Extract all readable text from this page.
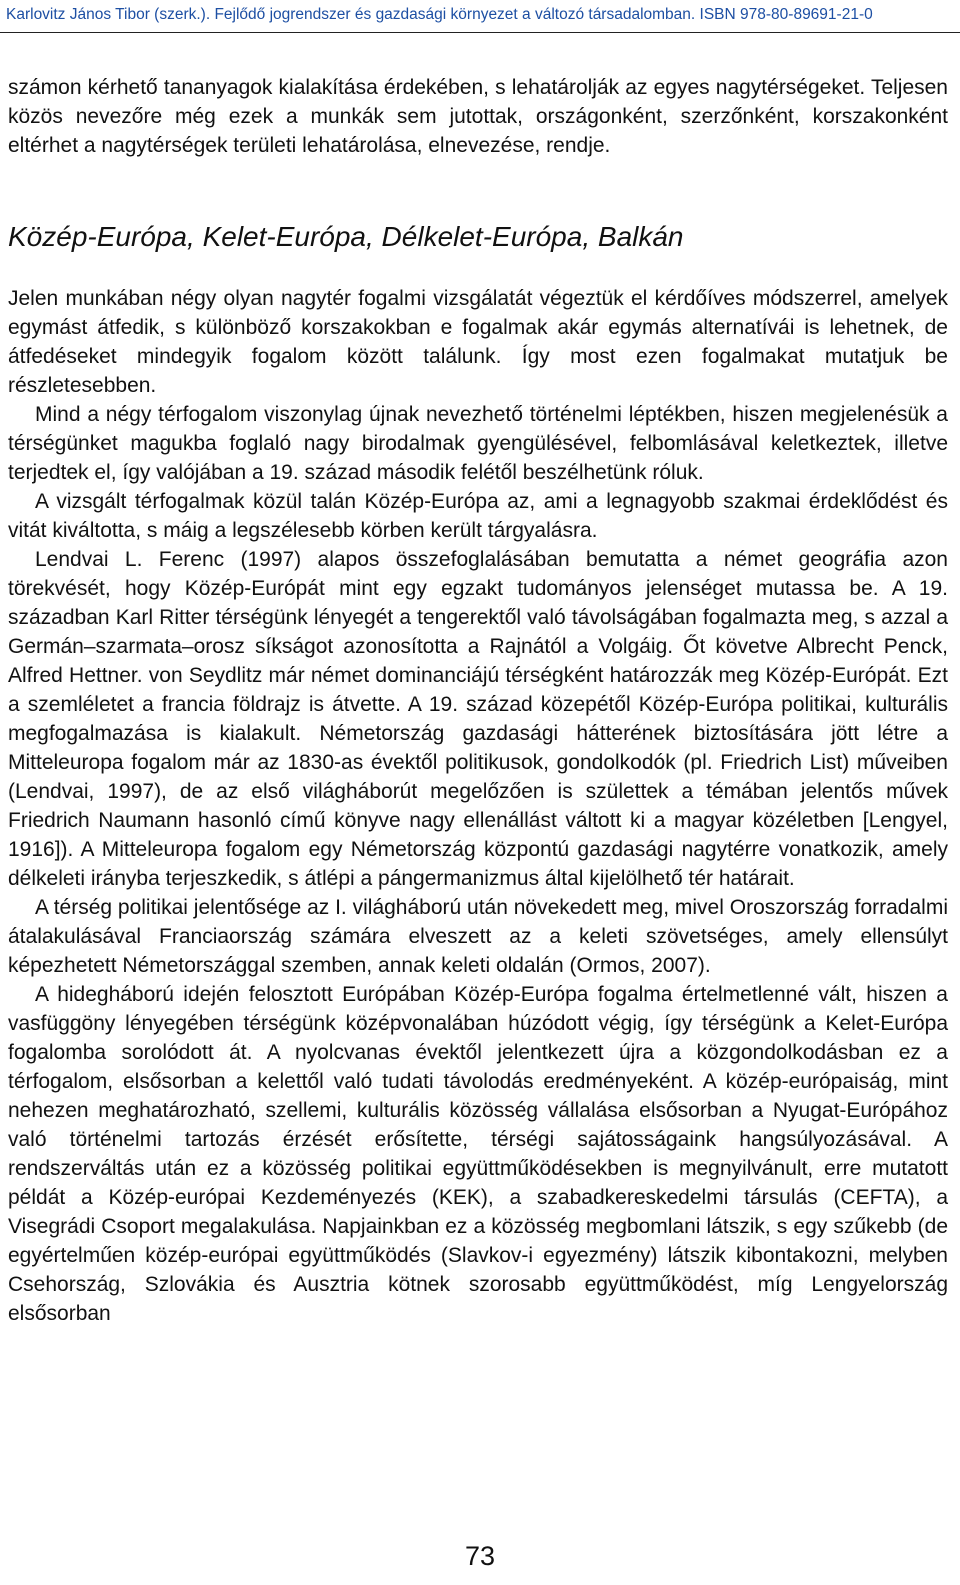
Karlovitz János Tibor (szerk.). Fejlődő jogrendszer és gazdasági környezet a változó társadalomban. ISBN 978-80-89691-21-0

számon kérhető tananyagok kialakítása érdekében, s lehatárolják az egyes nagytérségeket. Teljesen közös nevezőre még ezek a munkák sem jutottak, országonként, szerzőnként, korszakonként eltérhet a nagytérségek területi lehatárolása, elnevezése, rendje.

Közép-Európa, Kelet-Európa, Délkelet-Európa, Balkán

Jelen munkában négy olyan nagytér fogalmi vizsgálatát végeztük el kérdőíves módszerrel, amelyek egymást átfedik, s különböző korszakokban e fogalmak akár egymás alternatívái is lehetnek, de átfedéseket mindegyik fogalom között találunk. Így most ezen fogalmakat mutatjuk be részletesebben.

Mind a négy térfogalom viszonylag újnak nevezhető történelmi léptékben, hiszen megjelenésük a térségünket magukba foglaló nagy birodalmak gyengülésével, felbomlásával keletkeztek, illetve terjedtek el, így valójában a 19. század második felétől beszélhetünk róluk.

A vizsgált térfogalmak közül talán Közép-Európa az, ami a legnagyobb szakmai érdeklődést és vitát kiváltotta, s máig a legszélesebb körben került tárgyalásra.

Lendvai L. Ferenc (1997) alapos összefoglalásában bemutatta a német geográfia azon törekvését, hogy Közép-Európát mint egy egzakt tudományos jelenséget mutassa be. A 19. században Karl Ritter térségünk lényegét a tengerektől való távolságában fogalmazta meg, s azzal a Germán–szarmata–orosz síkságot azonosította a Rajnától a Volgáig. Őt követve Albrecht Penck, Alfred Hettner. von Seydlitz már német dominanciájú térségként határozzák meg Közép-Európát. Ezt a szemléletet a francia földrajz is átvette. A 19. század közepétől Közép-Európa politikai, kulturális megfogalmazása is kialakult. Németország gazdasági hátterének biztosítására jött létre a Mitteleuropa fogalom már az 1830-as évektől politikusok, gondolkodók (pl. Friedrich List) műveiben (Lendvai, 1997), de az első világháborút megelőzően is születtek a témában jelentős művek Friedrich Naumann hasonló című könyve nagy ellenállást váltott ki a magyar közéletben [Lengyel, 1916]). A Mitteleuropa fogalom egy Németország központú gazdasági nagytérre vonatkozik, amely délkeleti irányba terjeszkedik, s átlépi a pángermanizmus által kijelölhető tér határait.

A térség politikai jelentősége az I. világháború után növekedett meg, mivel Oroszország forradalmi átalakulásával Franciaország számára elveszett az a keleti szövetséges, amely ellensúlyt képezhetett Németországgal szemben, annak keleti oldalán (Ormos, 2007).

A hidegháború idején felosztott Európában Közép-Európa fogalma értelmetlenné vált, hiszen a vasfüggöny lényegében térségünk középvonalában húzódott végig, így térségünk a Kelet-Európa fogalomba sorolódott át. A nyolcvanas évektől jelentkezett újra a közgondolkodásban ez a térfogalom, elsősorban a kelettől való tudati távolodás eredményeként. A közép-európaiság, mint nehezen meghatározható, szellemi, kulturális közösség vállalása elsősorban a Nyugat-Európához való történelmi tartozás érzését erősítette, térségi sajátosságaink hangsúlyozásával. A rendszerváltás után ez a közösség politikai együttműködésekben is megnyilvánult, erre mutatott példát a Közép-európai Kezdeményezés (KEK), a szabadkereskedelmi társulás (CEFTA), a Visegrádi Csoport megalakulása. Napjainkban ez a közösség megbomlani látszik, s egy szűkebb (de egyértelműen közép-európai együttműködés (Slavkov-i egyezmény) látszik kibontakozni, melyben Csehország, Szlovákia és Ausztria kötnek szorosabb együttműködést, míg Lengyelország elsősorban

73
